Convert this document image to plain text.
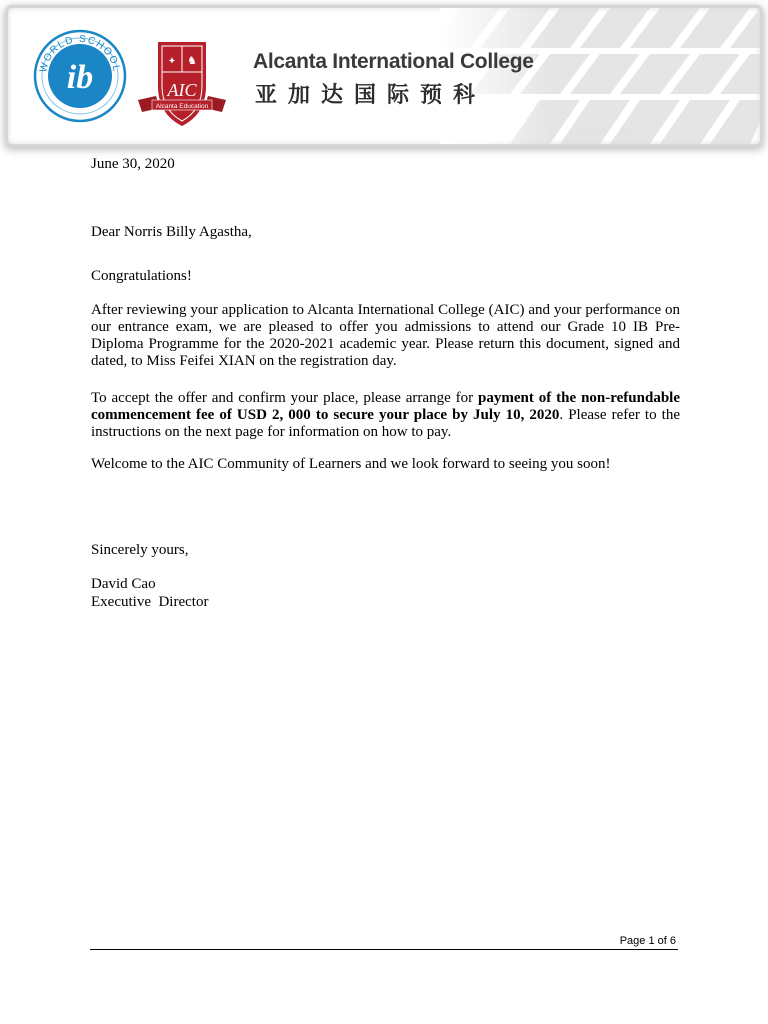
ib
WORLD SCHOOL
✦ ♞
AIC
Alcanta Education
Alcanta International College
亚加达国际预科

June 30, 2020

Dear Norris Billy Agastha,

Congratulations!

After reviewing your application to Alcanta International College (AIC) and your performance on our entrance exam, we are pleased to offer you admissions to attend our Grade 10 IB Pre-Diploma Programme for the 2020-2021 academic year. Please return this document, signed and dated, to Miss Feifei XIAN on the registration day.

To accept the offer and confirm your place, please arrange for payment of the non-refundable commencement fee of USD 2, 000 to secure your place by July 10, 2020. Please refer to the instructions on the next page for information on how to pay.

Welcome to the AIC Community of Learners and we look forward to seeing you soon!

Sincerely yours,

David Cao

Executive  Director

Page 1 of 6
